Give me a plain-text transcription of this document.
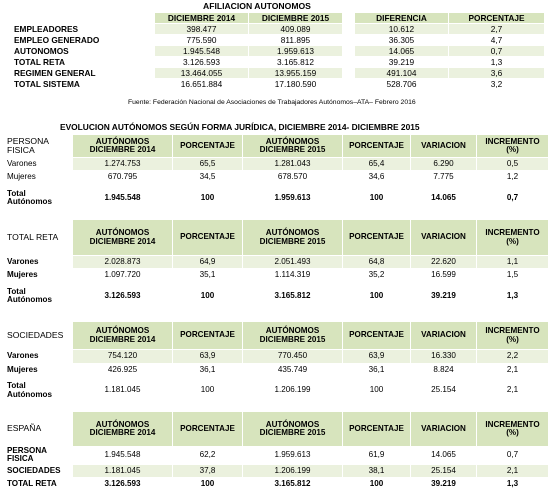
AFILIACION AUTONOMOS
	DICIEMBRE 2014	DICIEMBRE 2015		DIFERENCIA	PORCENTAJE
EMPLEADORES	398.477	409.089		10.612	2,7
EMPLEO GENERADO	775.590	811.895		36.305	4,7
AUTONOMOS	1.945.548	1.959.613		14.065	0,7
TOTAL RETA	3.126.593	3.165.812		39.219	1,3
REGIMEN GENERAL	13.464.055	13.955.159		491.104	3,6
TOTAL SISTEMA	16.651.884	17.180.590		528.706	3,2
Fuente: Federación Nacional de Asociaciones de Trabajadores Autónomos–ATA– Febrero 2016
EVOLUCION AUTÓNOMOS SEGÚN FORMA JURÍDICA, DICIEMBRE 2014- DICIEMBRE 2015
PERSONA FISICA	AUTÓNOMOS DICIEMBRE 2014	PORCENTAJE	AUTÓNOMOS DICIEMBRE 2015	PORCENTAJE	VARIACION	INCREMENTO (%)
Varones	1.274.753	65,5	1.281.043	65,4	6.290	0,5
Mujeres	670.795	34,5	678.570	34,6	7.775	1,2
Total Autónomos	1.945.548	100	1.959.613	100	14.065	0,7
TOTAL RETA	AUTÓNOMOS DICIEMBRE 2014	PORCENTAJE	AUTÓNOMOS DICIEMBRE 2015	PORCENTAJE	VARIACION	INCREMENTO (%)
Varones	2.028.873	64,9	2.051.493	64,8	22.620	1,1
Mujeres	1.097.720	35,1	1.114.319	35,2	16.599	1,5
Total Autónomos	3.126.593	100	3.165.812	100	39.219	1,3
SOCIEDADES	AUTÓNOMOS DICIEMBRE 2014	PORCENTAJE	AUTÓNOMOS DICIEMBRE 2015	PORCENTAJE	VARIACION	INCREMENTO (%)
Varones	754.120	63,9	770.450	63,9	16.330	2,2
Mujeres	426.925	36,1	435.749	36,1	8.824	2,1
Total Autónomos	1.181.045	100	1.206.199	100	25.154	2,1
ESPAÑA	AUTÓNOMOS DICIEMBRE 2014	PORCENTAJE	AUTÓNOMOS DICIEMBRE 2015	PORCENTAJE	VARIACION	INCREMENTO (%)
PERSONA FISICA	1.945.548	62,2	1.959.613	61,9	14.065	0,7
SOCIEDADES	1.181.045	37,8	1.206.199	38,1	25.154	2,1
TOTAL RETA	3.126.593	100	3.165.812	100	39.219	1,3
